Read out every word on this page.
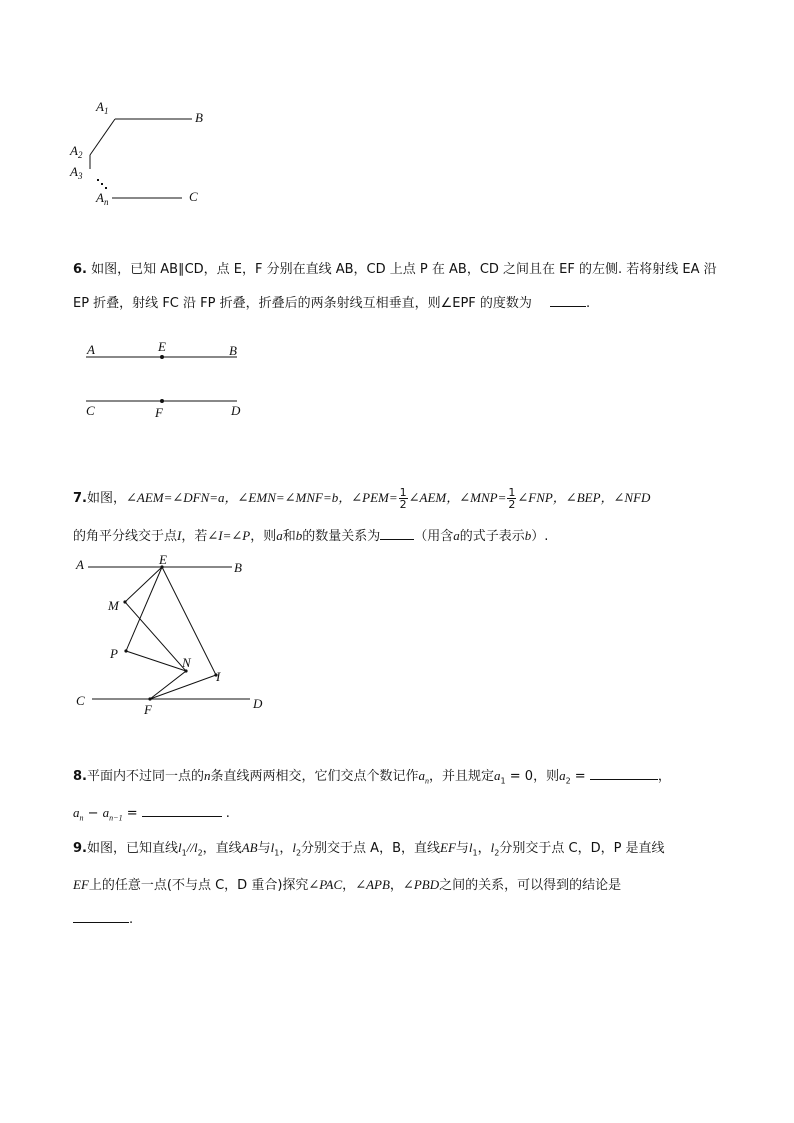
$A_1$	B
$A_2$
$A_3$
$A_n$	C
6. 如图，已知 AB∥CD，点 E，F 分别在直线 AB，CD 上点 P 在 AB，CD 之间且在 EF 的左侧. 若将射线 EA 沿
EP 折叠，射线 FC 沿 FP 折叠，折叠后的两条射线互相垂直，则∠EPF 的度数为	.
A	E	B
C	F	D
7.如图，∠AEM=∠DFN=a，∠EMN=∠MNF=b，∠PEM= $\frac{1}{2}$ ∠AEM，∠MNP= $\frac{1}{2}$ ∠FNP，∠BEP，∠NFD
的角平分线交于点I，若∠I=∠P，则a和b的数量关系为	（用含a的式子表示b）.
A	E
B
M
P
N
I
C
F	D
8.平面内不过同一点的n条直线两两相交，它们交点个数记作$a_n$，并且规定$a_1 = 0$，则$a_2$ =	，
$a_n - a_{n-1}$ =	.
9.如图，已知直线$l_1//l_2$，直线AB与$l_1$，$l_2$分别交于点 A，B，直线EF与$l_1$，$l_2$分别交于点 C，D，P 是直线
EF上的任意一点(不与点 C，D 重合)探究∠PAC，∠APB，∠PBD之间的关系，可以得到的结论是
.
